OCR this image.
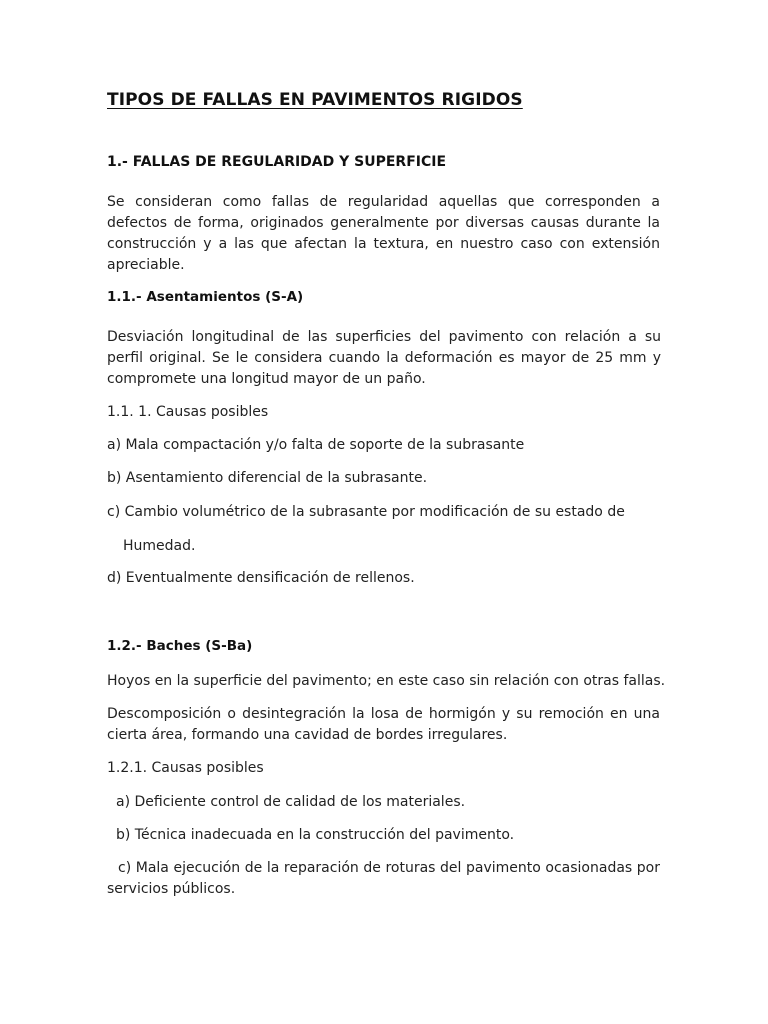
TIPOS DE FALLAS EN PAVIMENTOS RIGIDOS
1.- FALLAS DE REGULARIDAD Y SUPERFICIE
Se consideran como fallas de regularidad aquellas que corresponden a defectos de forma, originados generalmente por diversas causas durante la construcción y a las que afectan la textura, en nuestro caso con extensión apreciable.
1.1.- Asentamientos (S-A)
Desviación longitudinal de las superficies del pavimento con relación a su perfil original. Se le considera cuando la deformación es mayor de 25 mm y compromete una longitud mayor de un paño.
1.1. 1. Causas posibles
a) Mala compactación y/o falta de soporte de la subrasante
b) Asentamiento diferencial de la subrasante.
c) Cambio volumétrico de la subrasante por modificación de su estado de
Humedad.
d) Eventualmente densificación de rellenos.
1.2.- Baches (S-Ba)
Hoyos en la superficie del pavimento; en este caso sin relación con otras fallas.
Descomposición o desintegración la losa de hormigón y su remoción en una cierta área, formando una cavidad de bordes irregulares.
1.2.1. Causas posibles
a) Deficiente control de calidad de los materiales.
b) Técnica inadecuada en la construcción del pavimento.
c) Mala ejecución de la reparación de roturas del pavimento ocasionadas por servicios públicos.
